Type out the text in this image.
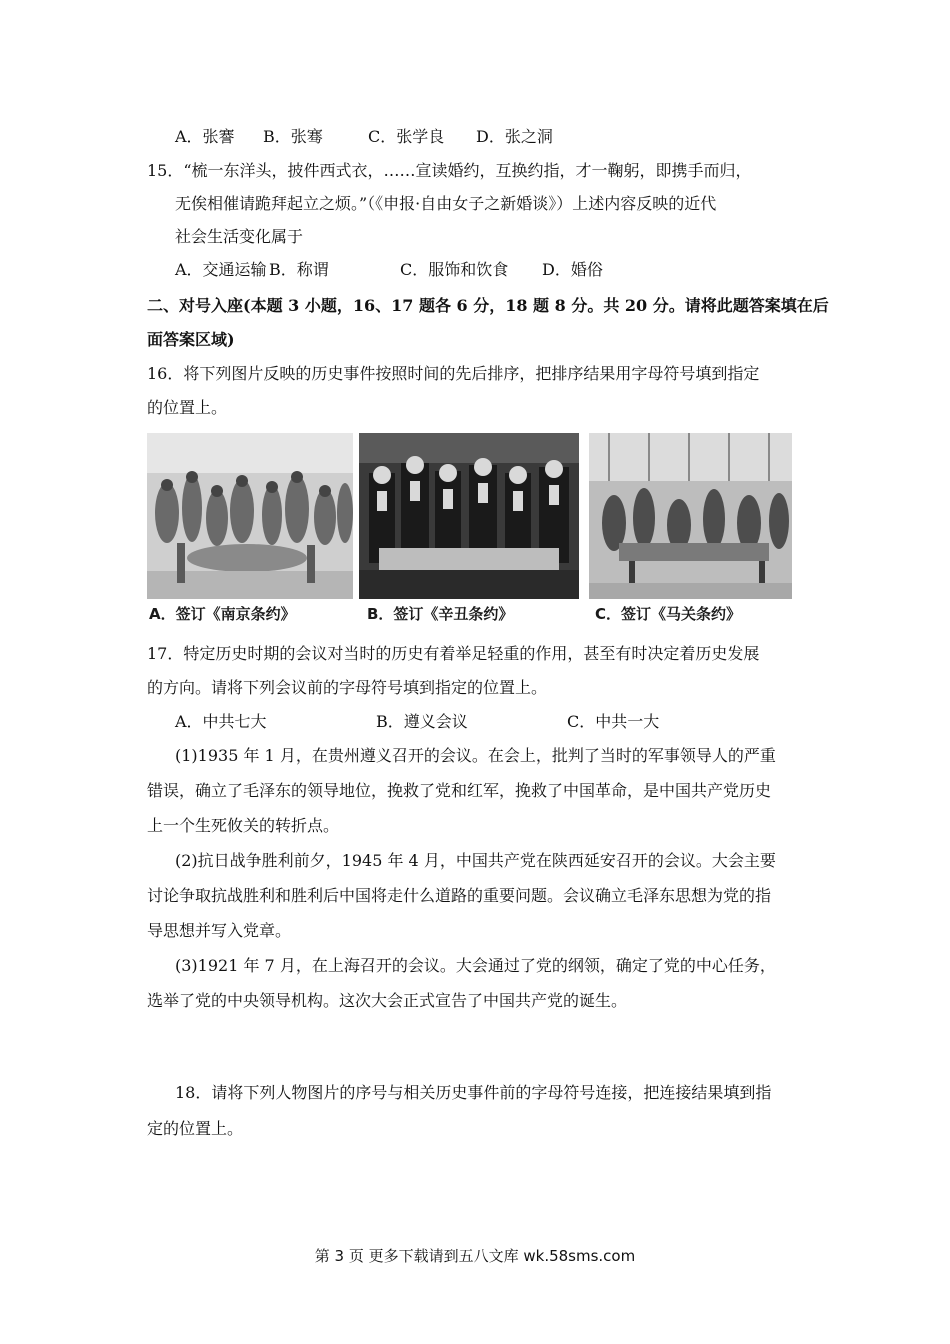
A．张謇 B．张骞	C．张学良 D．张之洞
15．“梳一东洋头，披件西式衣，……宣读婚约，互换约指，才一鞠躬，即携手而归，
无俟相催请跪拜起立之烦。”（《申报·自由女子之新婚谈》）上述内容反映的近代
社会生活变化属于
A．交通运输 B．称谓	C．服饰和饮食 D．婚俗
二、对号入座(本题 3 小题，16、17 题各 6 分，18 题 8 分。共 20 分。请将此题答案填在后
面答案区域)
16．将下列图片反映的历史事件按照时间的先后排序，把排序结果用字母符号填到指定
的位置上。
A．签订《南京条约》	B．签订《辛丑条约》	C．签订《马关条约》
17．特定历史时期的会议对当时的历史有着举足轻重的作用，甚至有时决定着历史发展
的方向。请将下列会议前的字母符号填到指定的位置上。
A．中共七大	B．遵义会议	C．中共一大
(1)1935 年 1 月，在贵州遵义召开的会议。在会上，批判了当时的军事领导人的严重
错误，确立了毛泽东的领导地位，挽救了党和红军，挽救了中国革命，是中国共产党历史
上一个生死攸关的转折点。
(2)抗日战争胜利前夕，1945 年 4 月，中国共产党在陕西延安召开的会议。大会主要
讨论争取抗战胜利和胜利后中国将走什么道路的重要问题。会议确立毛泽东思想为党的指
导思想并写入党章。
(3)1921 年 7 月，在上海召开的会议。大会通过了党的纲领，确定了党的中心任务，
选举了党的中央领导机构。这次大会正式宣告了中国共产党的诞生。
18．请将下列人物图片的序号与相关历史事件前的字母符号连接，把连接结果填到指
定的位置上。
第 3 页 更多下载请到五八文库 wk.58sms.com
